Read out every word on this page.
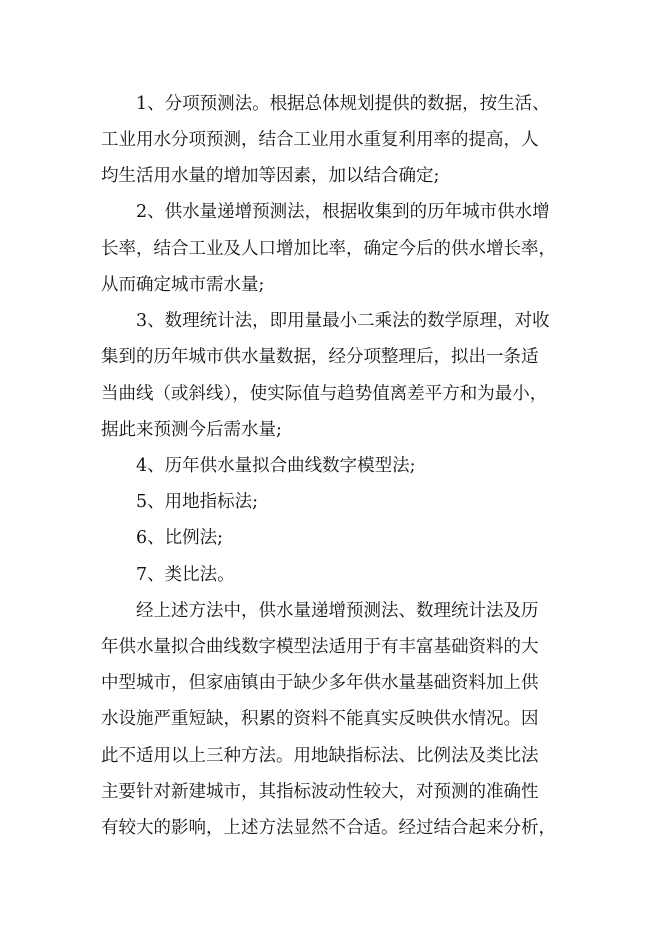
1、分项预测法。根据总体规划提供的数据，按生活、
工业用水分项预测，结合工业用水重复利用率的提高，人
均生活用水量的增加等因素，加以结合确定;
2、供水量递增预测法，根据收集到的历年城市供水增
长率，结合工业及人口增加比率，确定今后的供水增长率，
从而确定城市需水量;
3、数理统计法，即用量最小二乘法的数学原理，对收
集到的历年城市供水量数据，经分项整理后，拟出一条适
当曲线（或斜线），使实际值与趋势值离差平方和为最小，
据此来预测今后需水量;
4、历年供水量拟合曲线数字模型法;
5、用地指标法;
6、比例法;
7、类比法。
经上述方法中，供水量递增预测法、数理统计法及历
年供水量拟合曲线数字模型法适用于有丰富基础资料的大
中型城市，但家庙镇由于缺少多年供水量基础资料加上供
水设施严重短缺，积累的资料不能真实反映供水情况。因
此不适用以上三种方法。用地缺指标法、比例法及类比法
主要针对新建城市，其指标波动性较大，对预测的准确性
有较大的影响，上述方法显然不合适。经过结合起来分析，
